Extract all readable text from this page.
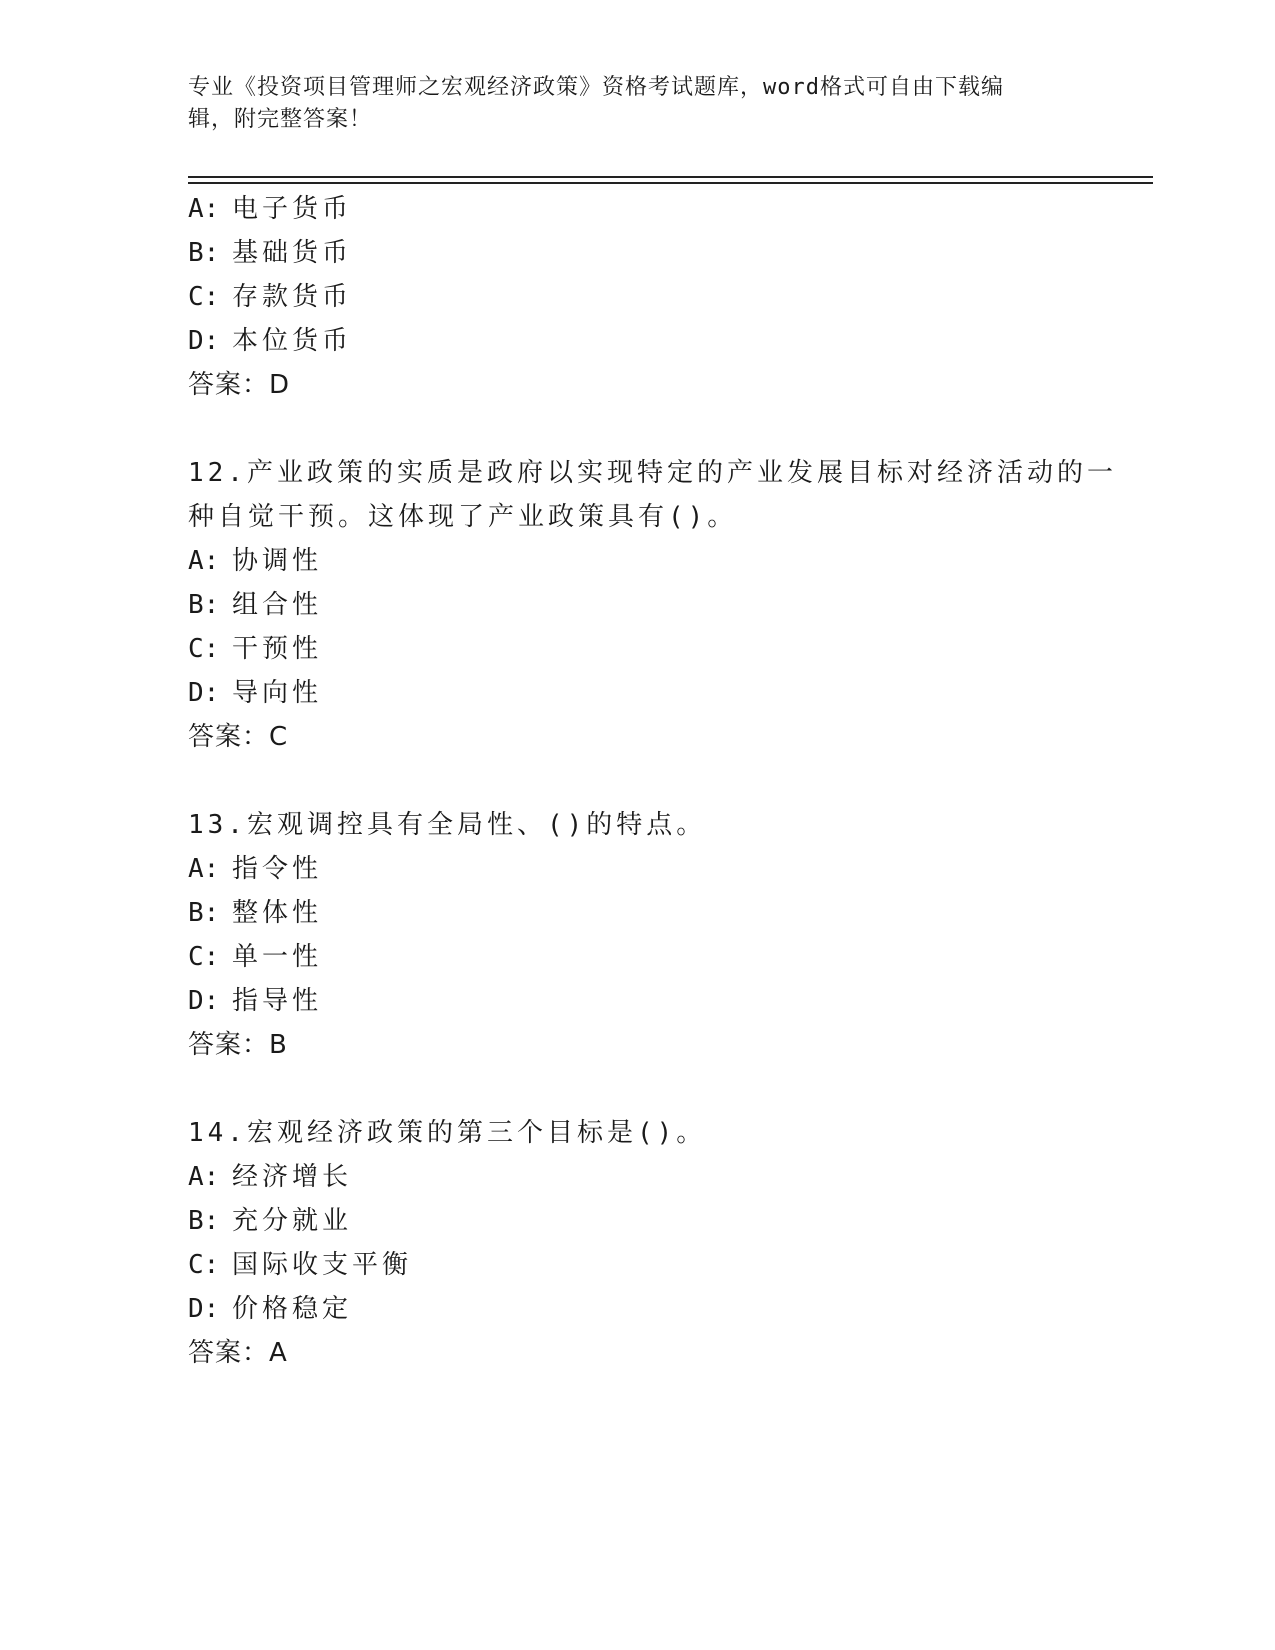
专业《投资项目管理师之宏观经济政策》资格考试题库，word格式可自由下载编
辑，附完整答案！
A: 电子货币
B: 基础货币
C: 存款货币
D: 本位货币
答案：D
12.产业政策的实质是政府以实现特定的产业发展目标对经济活动的一
种自觉干预。这体现了产业政策具有()。
A: 协调性
B: 组合性
C: 干预性
D: 导向性
答案：C
13.宏观调控具有全局性、()的特点。
A: 指令性
B: 整体性
C: 单一性
D: 指导性
答案：B
14.宏观经济政策的第三个目标是()。
A: 经济增长
B: 充分就业
C: 国际收支平衡
D: 价格稳定
答案：A
